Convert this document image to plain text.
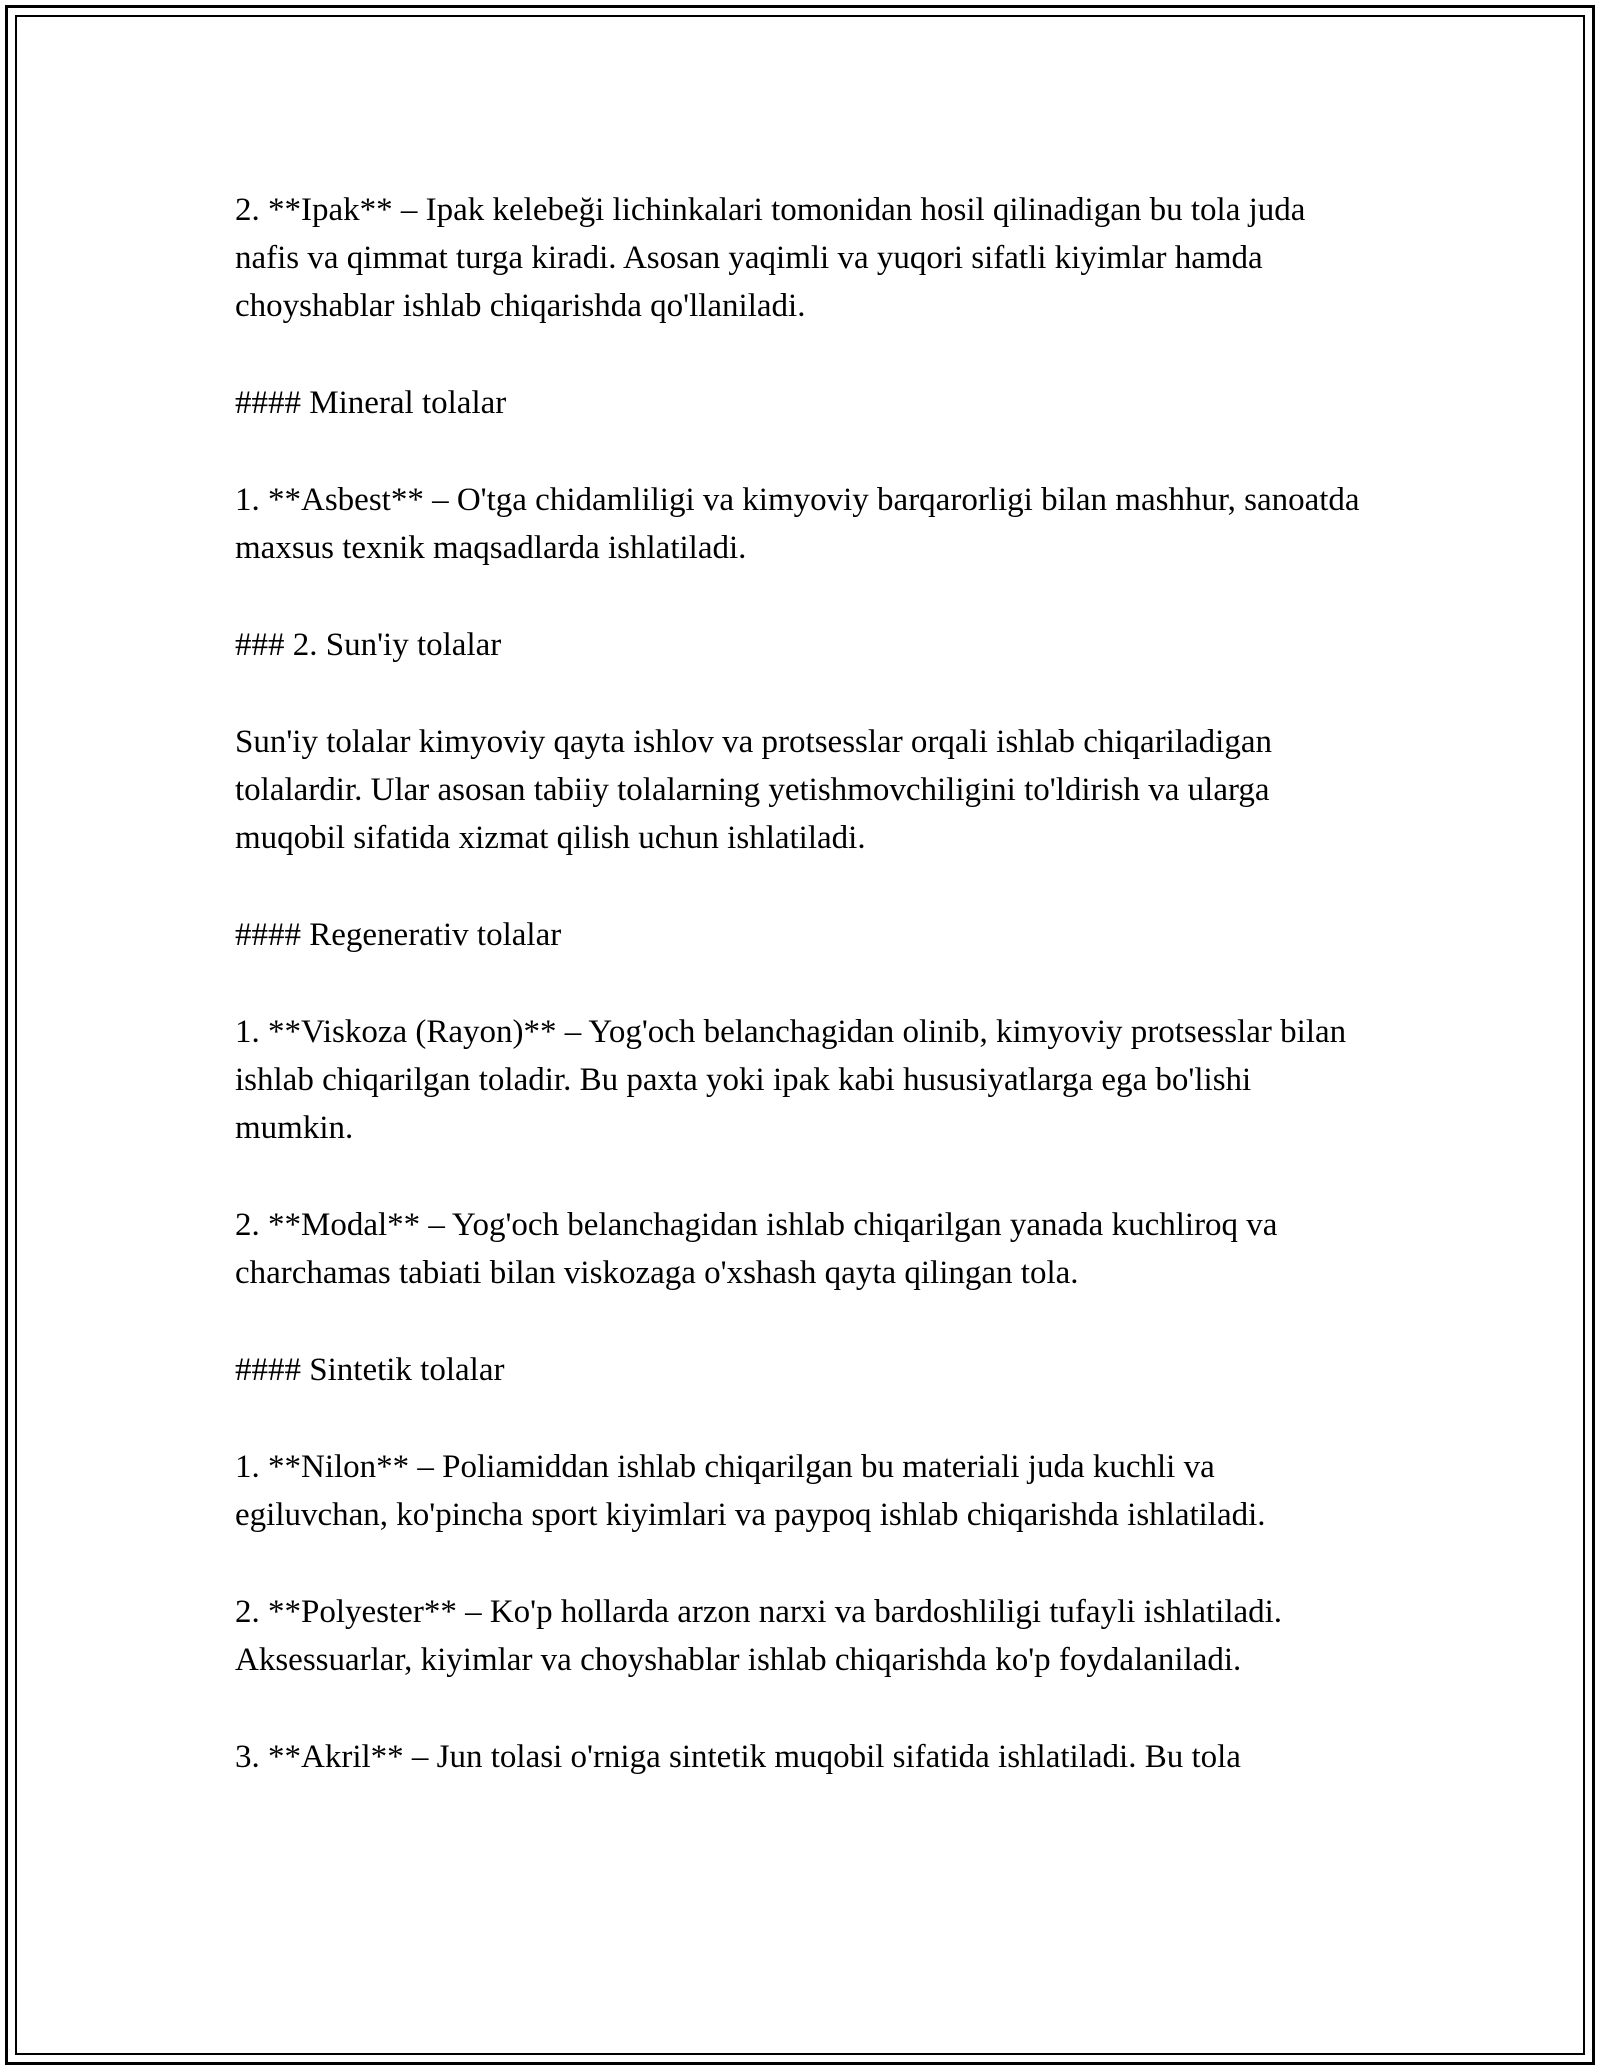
2. **Ipak** – Ipak kelebeği lichinkalari tomonidan hosil qilinadigan bu tola juda nafis va qimmat turga kiradi. Asosan yaqimli va yuqori sifatli kiyimlar hamda choyshablar ishlab chiqarishda qo'llaniladi.

#### Mineral tolalar

1. **Asbest** – O'tga chidamliligi va kimyoviy barqarorligi bilan mashhur, sanoatda maxsus texnik maqsadlarda ishlatiladi.

### 2. Sun'iy tolalar

Sun'iy tolalar kimyoviy qayta ishlov va protsesslar orqali ishlab chiqariladigan tolalardir. Ular asosan tabiiy tolalarning yetishmovchiligini to'ldirish va ularga muqobil sifatida xizmat qilish uchun ishlatiladi.

#### Regenerativ tolalar

1. **Viskoza (Rayon)** – Yog'och belanchagidan olinib, kimyoviy protsesslar bilan ishlab chiqarilgan toladir. Bu paxta yoki ipak kabi hususiyatlarga ega bo'lishi mumkin.

2. **Modal** – Yog'och belanchagidan ishlab chiqarilgan yanada kuchliroq va charchamas tabiati bilan viskozaga o'xshash qayta qilingan tola.

#### Sintetik tolalar

1. **Nilon** – Poliamiddan ishlab chiqarilgan bu materiali juda kuchli va egiluvchan, ko'pincha sport kiyimlari va paypoq ishlab chiqarishda ishlatiladi.

2. **Polyester** – Ko'p hollarda arzon narxi va bardoshliligi tufayli ishlatiladi. Aksessuarlar, kiyimlar va choyshablar ishlab chiqarishda ko'p foydalaniladi.

3. **Akril** – Jun tolasi o'rniga sintetik muqobil sifatida ishlatiladi. Bu tola
